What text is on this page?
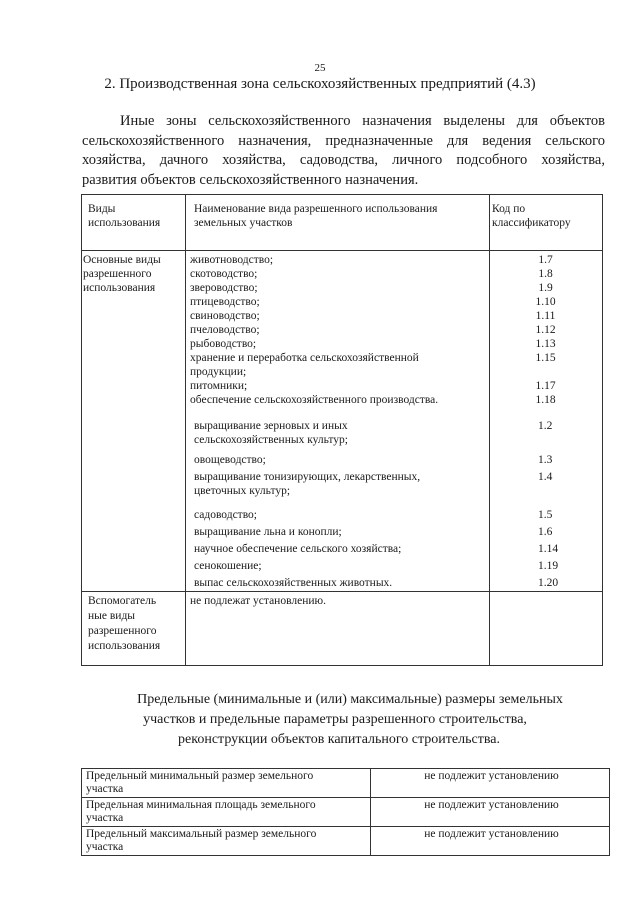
25
2. Производственная зона сельскохозяйственных предприятий (4.3)
Иные зоны сельскохозяйственного назначения выделены для объектов
сельскохозяйственного назначения, предназначенные для ведения сельского
хозяйства, дачного хозяйства, садоводства, личного подсобного хозяйства,
развития объектов сельскохозяйственного назначения.
Виды
использования
Наименование вида разрешенного использования
земельных участков
Код по
классификатору
Основные виды
разрешенного
использования
животноводство;
скотоводство;
звероводство;
птицеводство;
свиноводство;
пчеловодство;
рыбоводство;
хранение и переработка сельскохозяйственной
продукции;
питомники;
обеспечение сельскохозяйственного производства.
1.7
1.8
1.9
1.10
1.11
1.12
1.13
1.15
1.17
1.18
выращивание зерновых и иных
сельскохозяйственных культур;
овощеводство;
выращивание тонизирующих, лекарственных,
цветочных культур;
садоводство;
выращивание льна и конопли;
научное обеспечение сельского хозяйства;
сенокошение;
выпас сельскохозяйственных животных.
1.2
1.3
1.4
1.5
1.6
1.14
1.19
1.20
Вспомогатель
ные виды
разрешенного
использования
не подлежат установлению.
Предельные (минимальные и (или) максимальные) размеры земельных
участков и предельные параметры разрешенного строительства,
реконструкции объектов капитального строительства.
Предельный минимальный размер земельного
участка
не подлежит установлению
Предельная минимальная площадь земельного
участка
не подлежит установлению
Предельный максимальный размер земельного
участка
не подлежит установлению
